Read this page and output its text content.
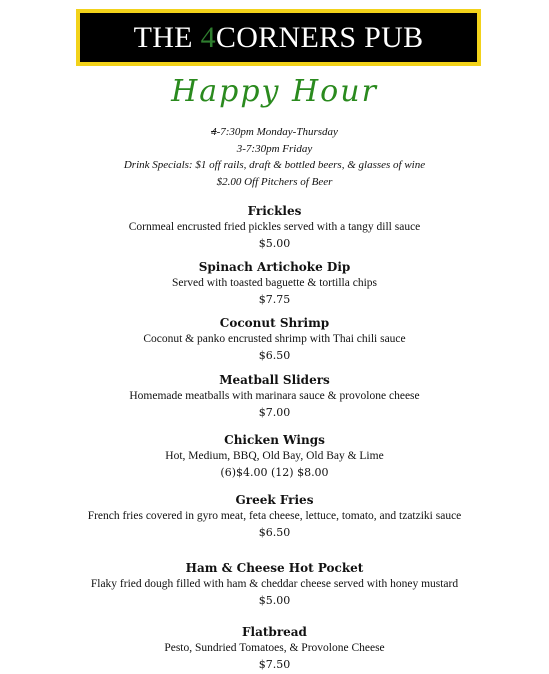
THE 4CORNERS PUB
Happy Hour
4-7:30pm Monday-Thursday
3-7:30pm Friday
Drink Specials: $1 off rails, draft & bottled beers, & glasses of wine
$2.00 Off Pitchers of Beer
Frickles
Cornmeal encrusted fried pickles served with a tangy dill sauce
$5.00
Spinach Artichoke Dip
Served with toasted baguette & tortilla chips
$7.75
Coconut Shrimp
Coconut & panko encrusted shrimp with Thai chili sauce
$6.50
Meatball Sliders
Homemade meatballs with marinara sauce & provolone cheese
$7.00
Chicken Wings
Hot, Medium, BBQ, Old Bay, Old Bay & Lime
(6)$4.00 (12) $8.00
Greek Fries
French fries covered in gyro meat, feta cheese, lettuce, tomato, and tzatziki sauce
$6.50
Ham & Cheese Hot Pocket
Flaky fried dough filled with ham & cheddar cheese served with honey mustard
$5.00
Flatbread
Pesto, Sundried Tomatoes, & Provolone Cheese
$7.50
